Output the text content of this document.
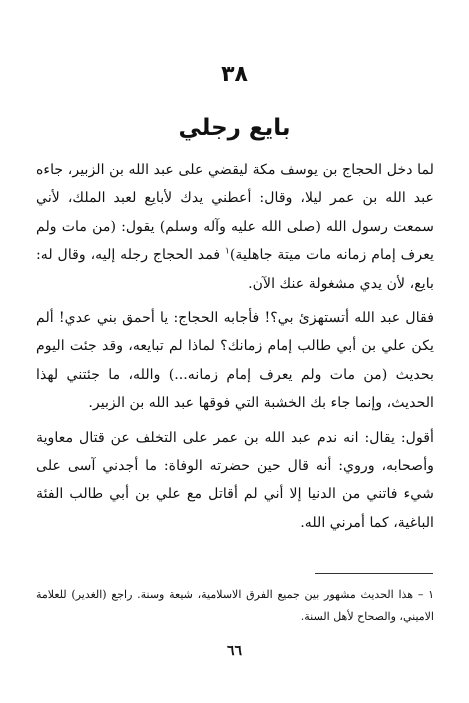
٣٨
بايع رجلي

لما دخل الحجاج بن يوسف مكة ليقضي على عبد الله بن الزبير، جاءه عبد الله بن عمر ليلا، وقال: أعطني يدك لأبايع لعبد الملك، لأني سمعت رسول الله (صلى الله عليه وآله وسلم) يقول: (من مات ولم يعرف إمام زمانه مات ميتة جاهلية)$^١$ فمد الحجاج رجله إليه، وقال له: بايع، لأن يدي مشغولة عنك الآن.

فقال عبد الله أتستهزئ بي؟! فأجابه الحجاج: يا أحمق بني عدي! ألم يكن علي بن أبي طالب إمام زمانك؟ لماذا لم تبايعه، وقد جئت اليوم بحديث (من مات ولم يعرف إمام زمانه...) والله، ما جئتني لهذا الحديث، وإنما جاء بك الخشبة التي فوقها عبد الله بن الزبير.

أقول: يقال: انه ندم عبد الله بن عمر على التخلف عن قتال معاوية وأصحابه، وروي: أنه قال حين حضرته الوفاة: ما أجدني آسى على شيء فاتني من الدنيا إلا أني لم أقاتل مع علي بن أبي طالب الفئة الباغية، كما أمرني الله.

١ – هذا الحديث مشهور بين جميع الفرق الاسلامية، شيعة وسنة. راجع (الغدير) للعلامة الاميني، والصحاح لأهل السنة.
٦٦
